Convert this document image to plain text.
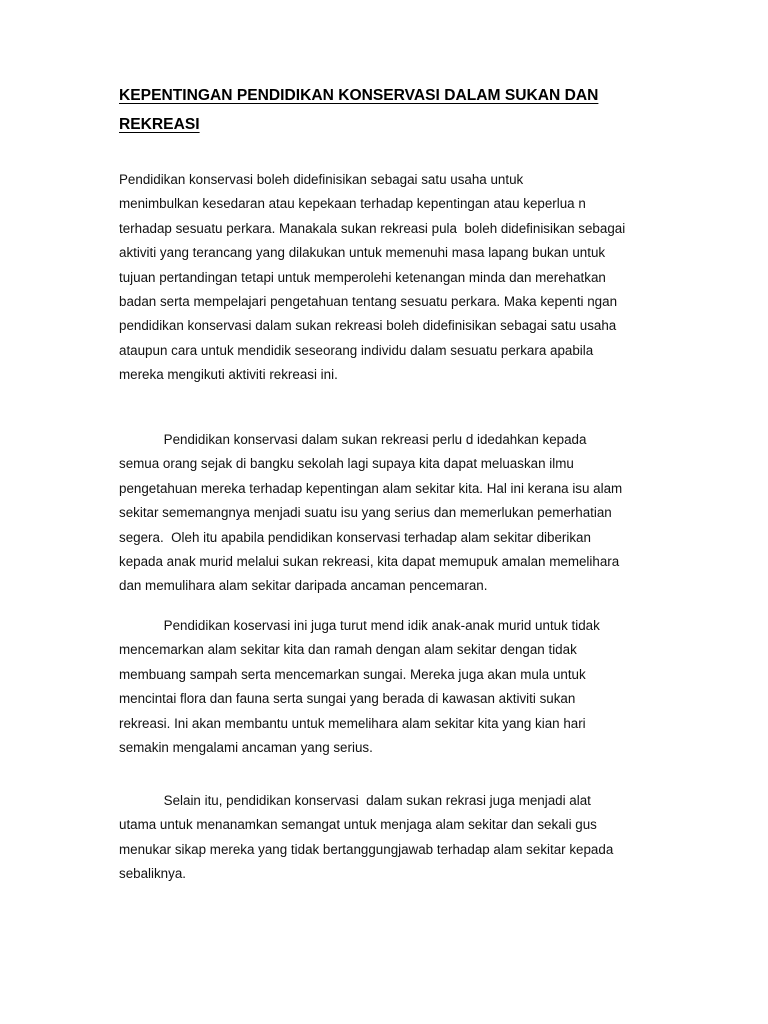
KEPENTINGAN PENDIDIKAN KONSERVASI DALAM SUKAN DAN REKREASI
Pendidikan konservasi boleh didefinisikan sebagai satu usaha untuk
menimbulkan kesedaran atau kepekaan terhadap kepentingan atau keperlua n
terhadap sesuatu perkara. Manakala sukan rekreasi pula  boleh didefinisikan sebagai
aktiviti yang terancang yang dilakukan untuk memenuhi masa lapang bukan untuk
tujuan pertandingan tetapi untuk memperolehi ketenangan minda dan merehatkan
badan serta mempelajari pengetahuan tentang sesuatu perkara. Maka kepenti ngan
pendidikan konservasi dalam sukan rekreasi boleh didefinisikan sebagai satu usaha
ataupun cara untuk mendidik seseorang individu dalam sesuatu perkara apabila
mereka mengikuti aktiviti rekreasi ini.
Pendidikan konservasi dalam sukan rekreasi perlu d idedahkan kepada
semua orang sejak di bangku sekolah lagi supaya kita dapat meluaskan ilmu
pengetahuan mereka terhadap kepentingan alam sekitar kita. Hal ini kerana isu alam
sekitar sememangnya menjadi suatu isu yang serius dan memerlukan pemerhatian
segera.  Oleh itu apabila pendidikan konservasi terhadap alam sekitar diberikan
kepada anak murid melalui sukan rekreasi, kita dapat memupuk amalan memelihara
dan memulihara alam sekitar daripada ancaman pencemaran.
Pendidikan koservasi ini juga turut mend idik anak-anak murid untuk tidak
mencemarkan alam sekitar kita dan ramah dengan alam sekitar dengan tidak
membuang sampah serta mencemarkan sungai. Mereka juga akan mula untuk
mencintai flora dan fauna serta sungai yang berada di kawasan aktiviti sukan
rekreasi. Ini akan membantu untuk memelihara alam sekitar kita yang kian hari
semakin mengalami ancaman yang serius.
Selain itu, pendidikan konservasi  dalam sukan rekrasi juga menjadi alat
utama untuk menanamkan semangat untuk menjaga alam sekitar dan sekali gus
menukar sikap mereka yang tidak bertanggungjawab terhadap alam sekitar kepada
sebaliknya.
